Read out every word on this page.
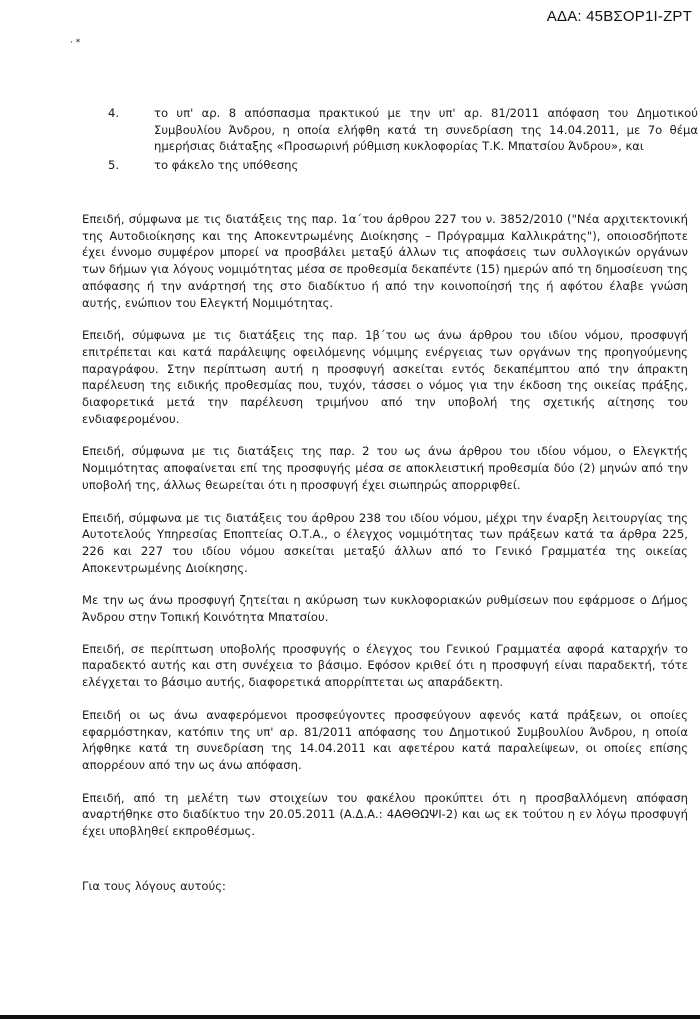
ΑΔΑ: 45ΒΣΟΡ1Ι-ΖΡΤ
· *
4.	το υπ' αρ. 8 απόσπασμα πρακτικού με την υπ' αρ. 81/2011 απόφαση του Δημοτικού Συμβουλίου Άνδρου, η οποία ελήφθη κατά τη συνεδρίαση της 14.04.2011, με 7ο θέμα ημερήσιας διάταξης «Προσωρινή ρύθμιση κυκλοφορίας Τ.Κ. Μπατσίου Άνδρου», και
5.	το φάκελο της υπόθεσης

Επειδή, σύμφωνα με τις διατάξεις της παρ. 1α΄του άρθρου 227 του ν. 3852/2010 ("Νέα αρχιτεκτονική της Αυτοδιοίκησης και της Αποκεντρωμένης Διοίκησης – Πρόγραμμα Καλλικράτης"), οποιοσδήποτε έχει έννομο συμφέρον μπορεί να προσβάλει μεταξύ άλλων τις αποφάσεις των συλλογικών οργάνων των δήμων για λόγους νομιμότητας μέσα σε προθεσμία δεκαπέντε (15) ημερών από τη δημοσίευση της απόφασης ή την ανάρτησή της στο διαδίκτυο ή από την κοινοποίησή της ή αφότου έλαβε γνώση αυτής, ενώπιον του Ελεγκτή Νομιμότητας.

Επειδή, σύμφωνα με τις διατάξεις της παρ. 1β΄του ως άνω άρθρου του ιδίου νόμου, προσφυγή επιτρέπεται και κατά παράλειψης οφειλόμενης νόμιμης ενέργειας των οργάνων της προηγούμενης παραγράφου. Στην περίπτωση αυτή η προσφυγή ασκείται εντός δεκαπέμπτου από την άπρακτη παρέλευση της ειδικής προθεσμίας που, τυχόν, τάσσει ο νόμος για την έκδοση της οικείας πράξης, διαφορετικά μετά την παρέλευση τριμήνου από την υποβολή της σχετικής αίτησης του ενδιαφερομένου.

Επειδή, σύμφωνα με τις διατάξεις της παρ. 2 του ως άνω άρθρου του ιδίου νόμου, ο Ελεγκτής Νομιμότητας αποφαίνεται επί της προσφυγής μέσα σε αποκλειστική προθεσμία δύο (2) μηνών από την υποβολή της, άλλως θεωρείται ότι η προσφυγή έχει σιωπηρώς απορριφθεί.

Επειδή, σύμφωνα με τις διατάξεις του άρθρου 238 του ιδίου νόμου, μέχρι την έναρξη λειτουργίας της Αυτοτελούς Υπηρεσίας Εποπτείας Ο.Τ.Α., ο έλεγχος νομιμότητας των πράξεων κατά τα άρθρα 225, 226 και 227 του ιδίου νόμου ασκείται μεταξύ άλλων από το Γενικό Γραμματέα της οικείας Αποκεντρωμένης Διοίκησης.

Με την ως άνω προσφυγή ζητείται η ακύρωση των κυκλοφοριακών ρυθμίσεων που εφάρμοσε ο Δήμος Άνδρου στην Τοπική Κοινότητα Μπατσίου.

Επειδή, σε περίπτωση υποβολής προσφυγής ο έλεγχος του Γενικού Γραμματέα αφορά καταρχήν το παραδεκτό αυτής και στη συνέχεια το βάσιμο. Εφόσον κριθεί ότι η προσφυγή είναι παραδεκτή, τότε ελέγχεται το βάσιμο αυτής, διαφορετικά απορρίπτεται ως απαράδεκτη.

Επειδή οι ως άνω αναφερόμενοι προσφεύγοντες προσφεύγουν αφενός κατά πράξεων, οι οποίες εφαρμόστηκαν, κατόπιν της υπ' αρ. 81/2011 απόφασης του Δημοτικού Συμβουλίου Άνδρου, η οποία λήφθηκε κατά τη συνεδρίαση της 14.04.2011 και αφετέρου κατά παραλείψεων, οι οποίες επίσης απορρέουν από την ως άνω απόφαση.

Επειδή, από τη μελέτη των στοιχείων του φακέλου προκύπτει ότι η προσβαλλόμενη απόφαση αναρτήθηκε στο διαδίκτυο την 20.05.2011 (Α.Δ.Α.: 4ΑΘΘΩΨΙ-2) και ως εκ τούτου η εν λόγω προσφυγή έχει υποβληθεί εκπροθέσμως.

Για τους λόγους αυτούς:
